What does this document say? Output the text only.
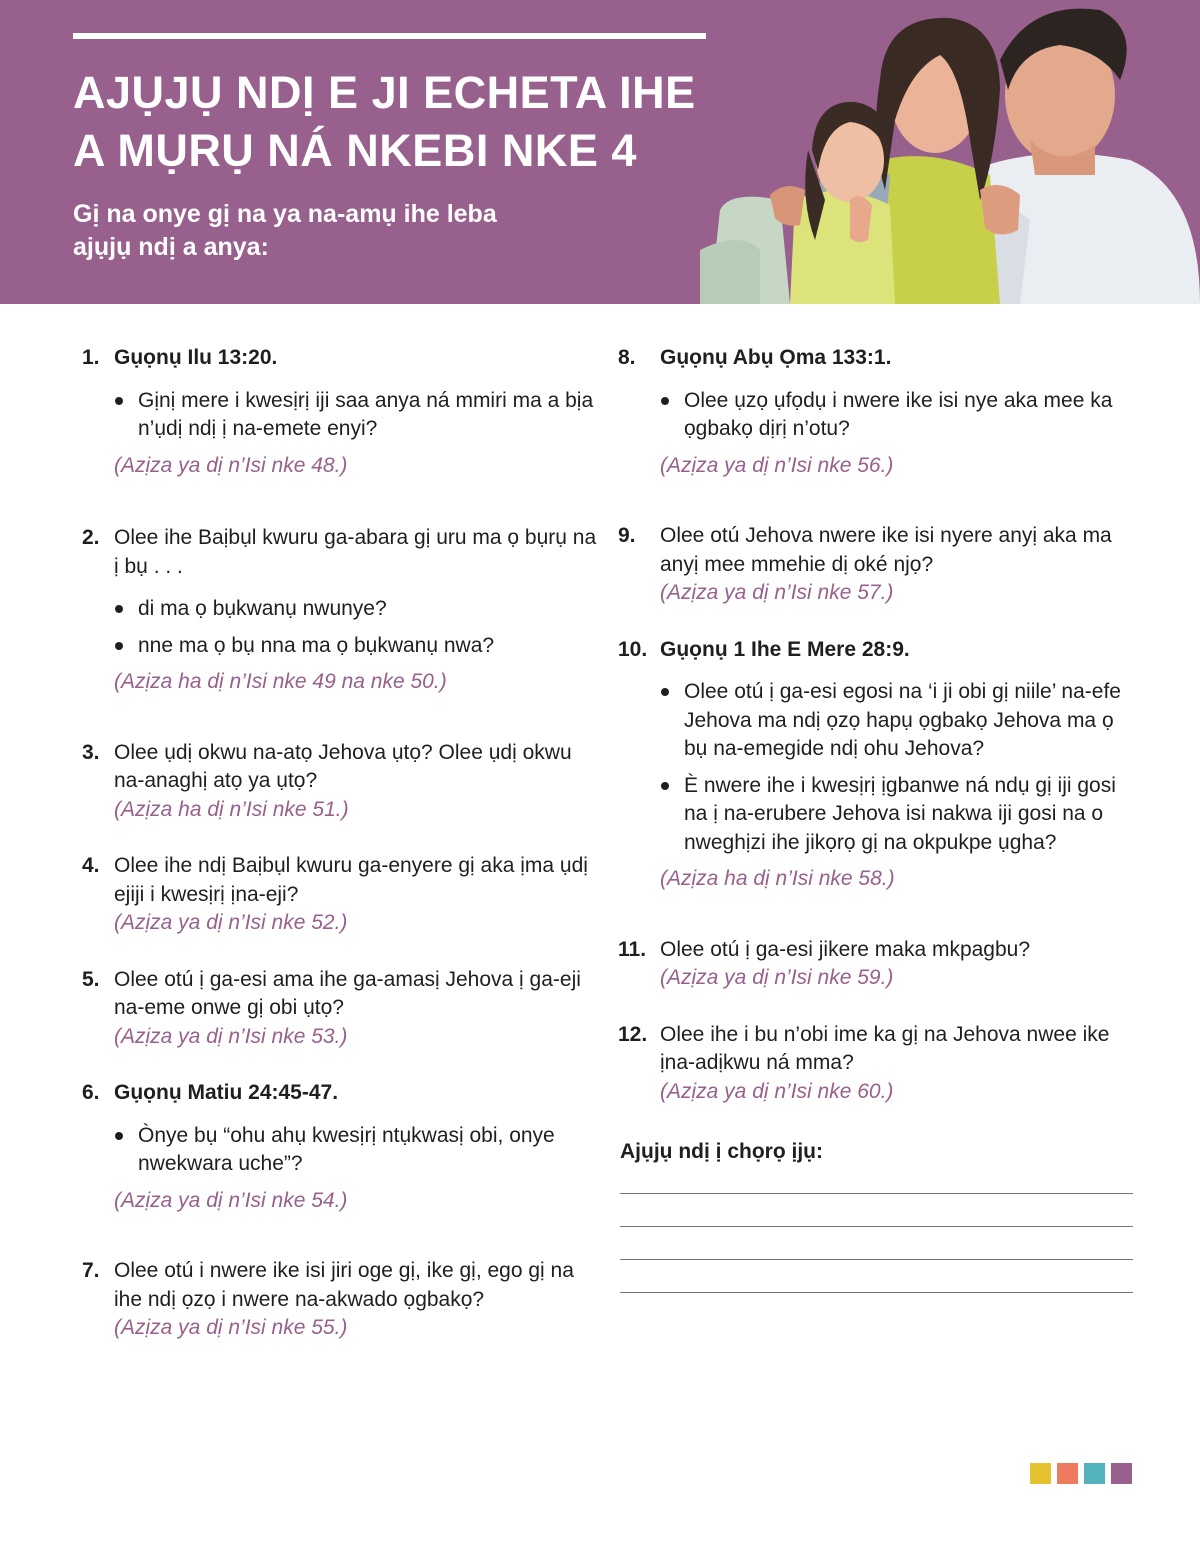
AJỤJỤ NDỊ E JI ECHETA IHE
A MỤRỤ NÁ NKEBI NKE 4

Gị na onye gị na ya na-amụ ihe leba ajụjụ ndị a anya:

1. Gụọnụ Ilu 13:20.
Gịnị mere i kwesịrị iji saa anya ná mmiri ma a bịa n’ụdị ndị ị na-emete enyi?
(Azịza ya dị n’Isi nke 48.)
2. Olee ihe Baịbụl kwuru ga-abara gị uru ma ọ bụrụ na ị bụ . . .
di ma ọ bụkwanụ nwunye?
nne ma ọ bụ nna ma ọ bụkwanụ nwa?
(Azịza ha dị n’Isi nke 49 na nke 50.)
3. Olee ụdị okwu na-atọ Jehova ụtọ? Olee ụdị okwu na-anaghị atọ ya ụtọ?
(Azịza ha dị n’Isi nke 51.)
4. Olee ihe ndị Baịbụl kwuru ga-enyere gị aka ịma ụdị ejiji i kwesịrị ịna-eji?
(Azịza ya dị n’Isi nke 52.)
5. Olee otú ị ga-esi ama ihe ga-amasị Jehova ị ga-eji na-eme onwe gị obi ụtọ?
(Azịza ya dị n’Isi nke 53.)
6. Gụọnụ Matiu 24:45-47.
Ònye bụ “ohu ahụ kwesịrị ntụkwasị obi, onye nwekwara uche”?
(Azịza ya dị n’Isi nke 54.)
7. Olee otú i nwere ike isi jiri oge gị, ike gị, ego gị na ihe ndị ọzọ i nwere na-akwado ọgbakọ?
(Azịza ya dị n’Isi nke 55.)
8. Gụọnụ Abụ Ọma 133:1.
Olee ụzọ ụfọdụ i nwere ike isi nye aka mee ka ọgbakọ dịrị n’otu?
(Azịza ya dị n’Isi nke 56.)
9. Olee otú Jehova nwere ike isi nyere anyị aka ma anyị mee mmehie dị oké njọ?
(Azịza ya dị n’Isi nke 57.)
10. Gụọnụ 1 Ihe E Mere 28:9.
Olee otú ị ga-esi egosi na ‘i ji obi gị niile’ na-efe Jehova ma ndị ọzọ hapụ ọgbakọ Jehova ma ọ bụ na-emegide ndị ohu Jehova?
È nwere ihe i kwesịrị ịgbanwe ná ndụ gị iji gosi na ị na-erubere Jehova isi nakwa iji gosi na o nweghịzi ihe jikọrọ gị na okpukpe ụgha?
(Azịza ha dị n’Isi nke 58.)
11. Olee otú ị ga-esi jikere maka mkpagbu?
(Azịza ya dị n’Isi nke 59.)
12. Olee ihe i bu n’obi ime ka gị na Jehova nwee ike ịna-adịkwu ná mma?
(Azịza ya dị n’Isi nke 60.)

Ajụjụ ndị ị chọrọ ịjụ:
